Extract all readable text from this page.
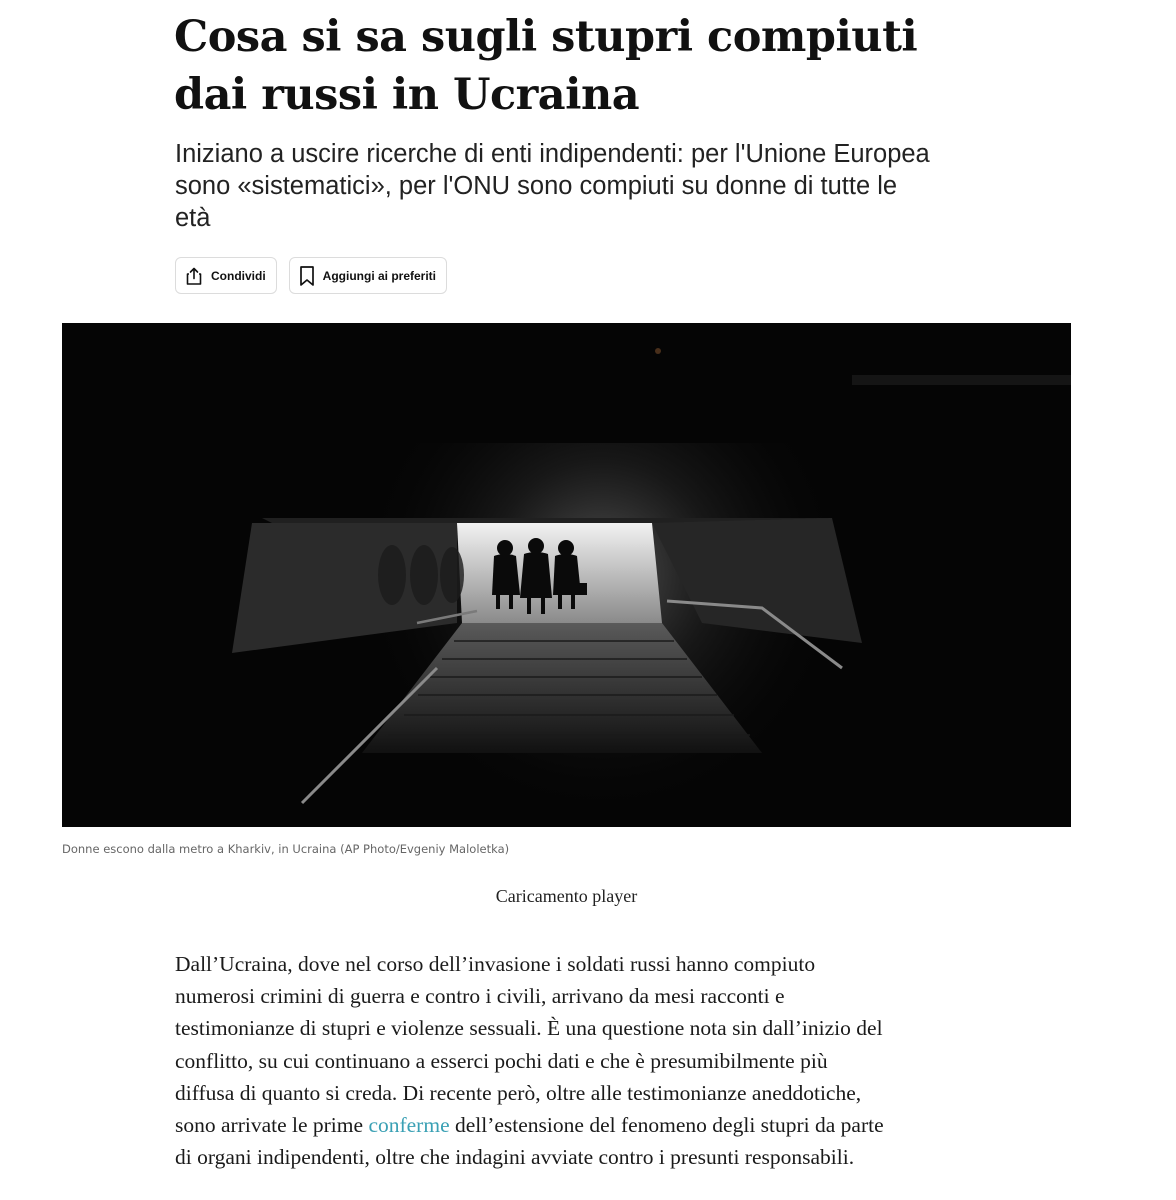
Cosa si sa sugli stupri compiuti
dai russi in Ucraina

Iniziano a uscire ricerche di enti indipendenti: per l'Unione Europea
sono «sistematici», per l'ONU sono compiuti su donne di tutte le
età

Condividi	Aggiungi ai preferiti
Donne escono dalla metro a Kharkiv, in Ucraina (AP Photo/Evgeniy Maloletka)
Caricamento player

Dall’Ucraina, dove nel corso dell’invasione i soldati russi hanno compiuto
numerosi crimini di guerra e contro i civili, arrivano da mesi racconti e
testimonianze di stupri e violenze sessuali. È una questione nota sin dall’inizio del
conflitto, su cui continuano a esserci pochi dati e che è presumibilmente più
diffusa di quanto si creda. Di recente però, oltre alle testimonianze aneddotiche,
sono arrivate le prime conferme dell’estensione del fenomeno degli stupri da parte
di organi indipendenti, oltre che indagini avviate contro i presunti responsabili.
